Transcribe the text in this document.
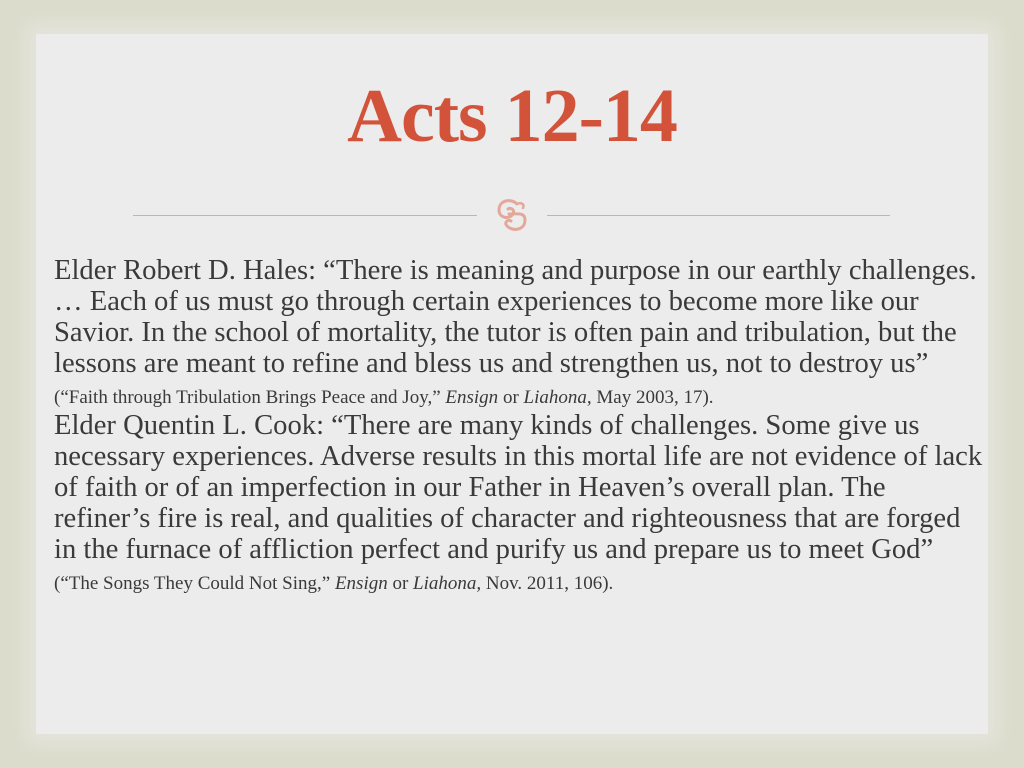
Acts 12-14

Elder Robert D. Hales: “There is meaning and purpose in our earthly challenges. … Each of us must go through certain experiences to become more like our Savior. In the school of mortality, the tutor is often pain and tribulation, but the lessons are meant to refine and bless us and strengthen us, not to destroy us” (“Faith through Tribulation Brings Peace and Joy,” Ensign or Liahona, May 2003, 17).

Elder Quentin L. Cook: “There are many kinds of challenges. Some give us necessary experiences. Adverse results in this mortal life are not evidence of lack of faith or of an imperfection in our Father in Heaven’s overall plan. The refiner’s fire is real, and qualities of character and righteousness that are forged in the furnace of affliction perfect and purify us and prepare us to meet God” (“The Songs They Could Not Sing,” Ensign or Liahona, Nov. 2011, 106).
